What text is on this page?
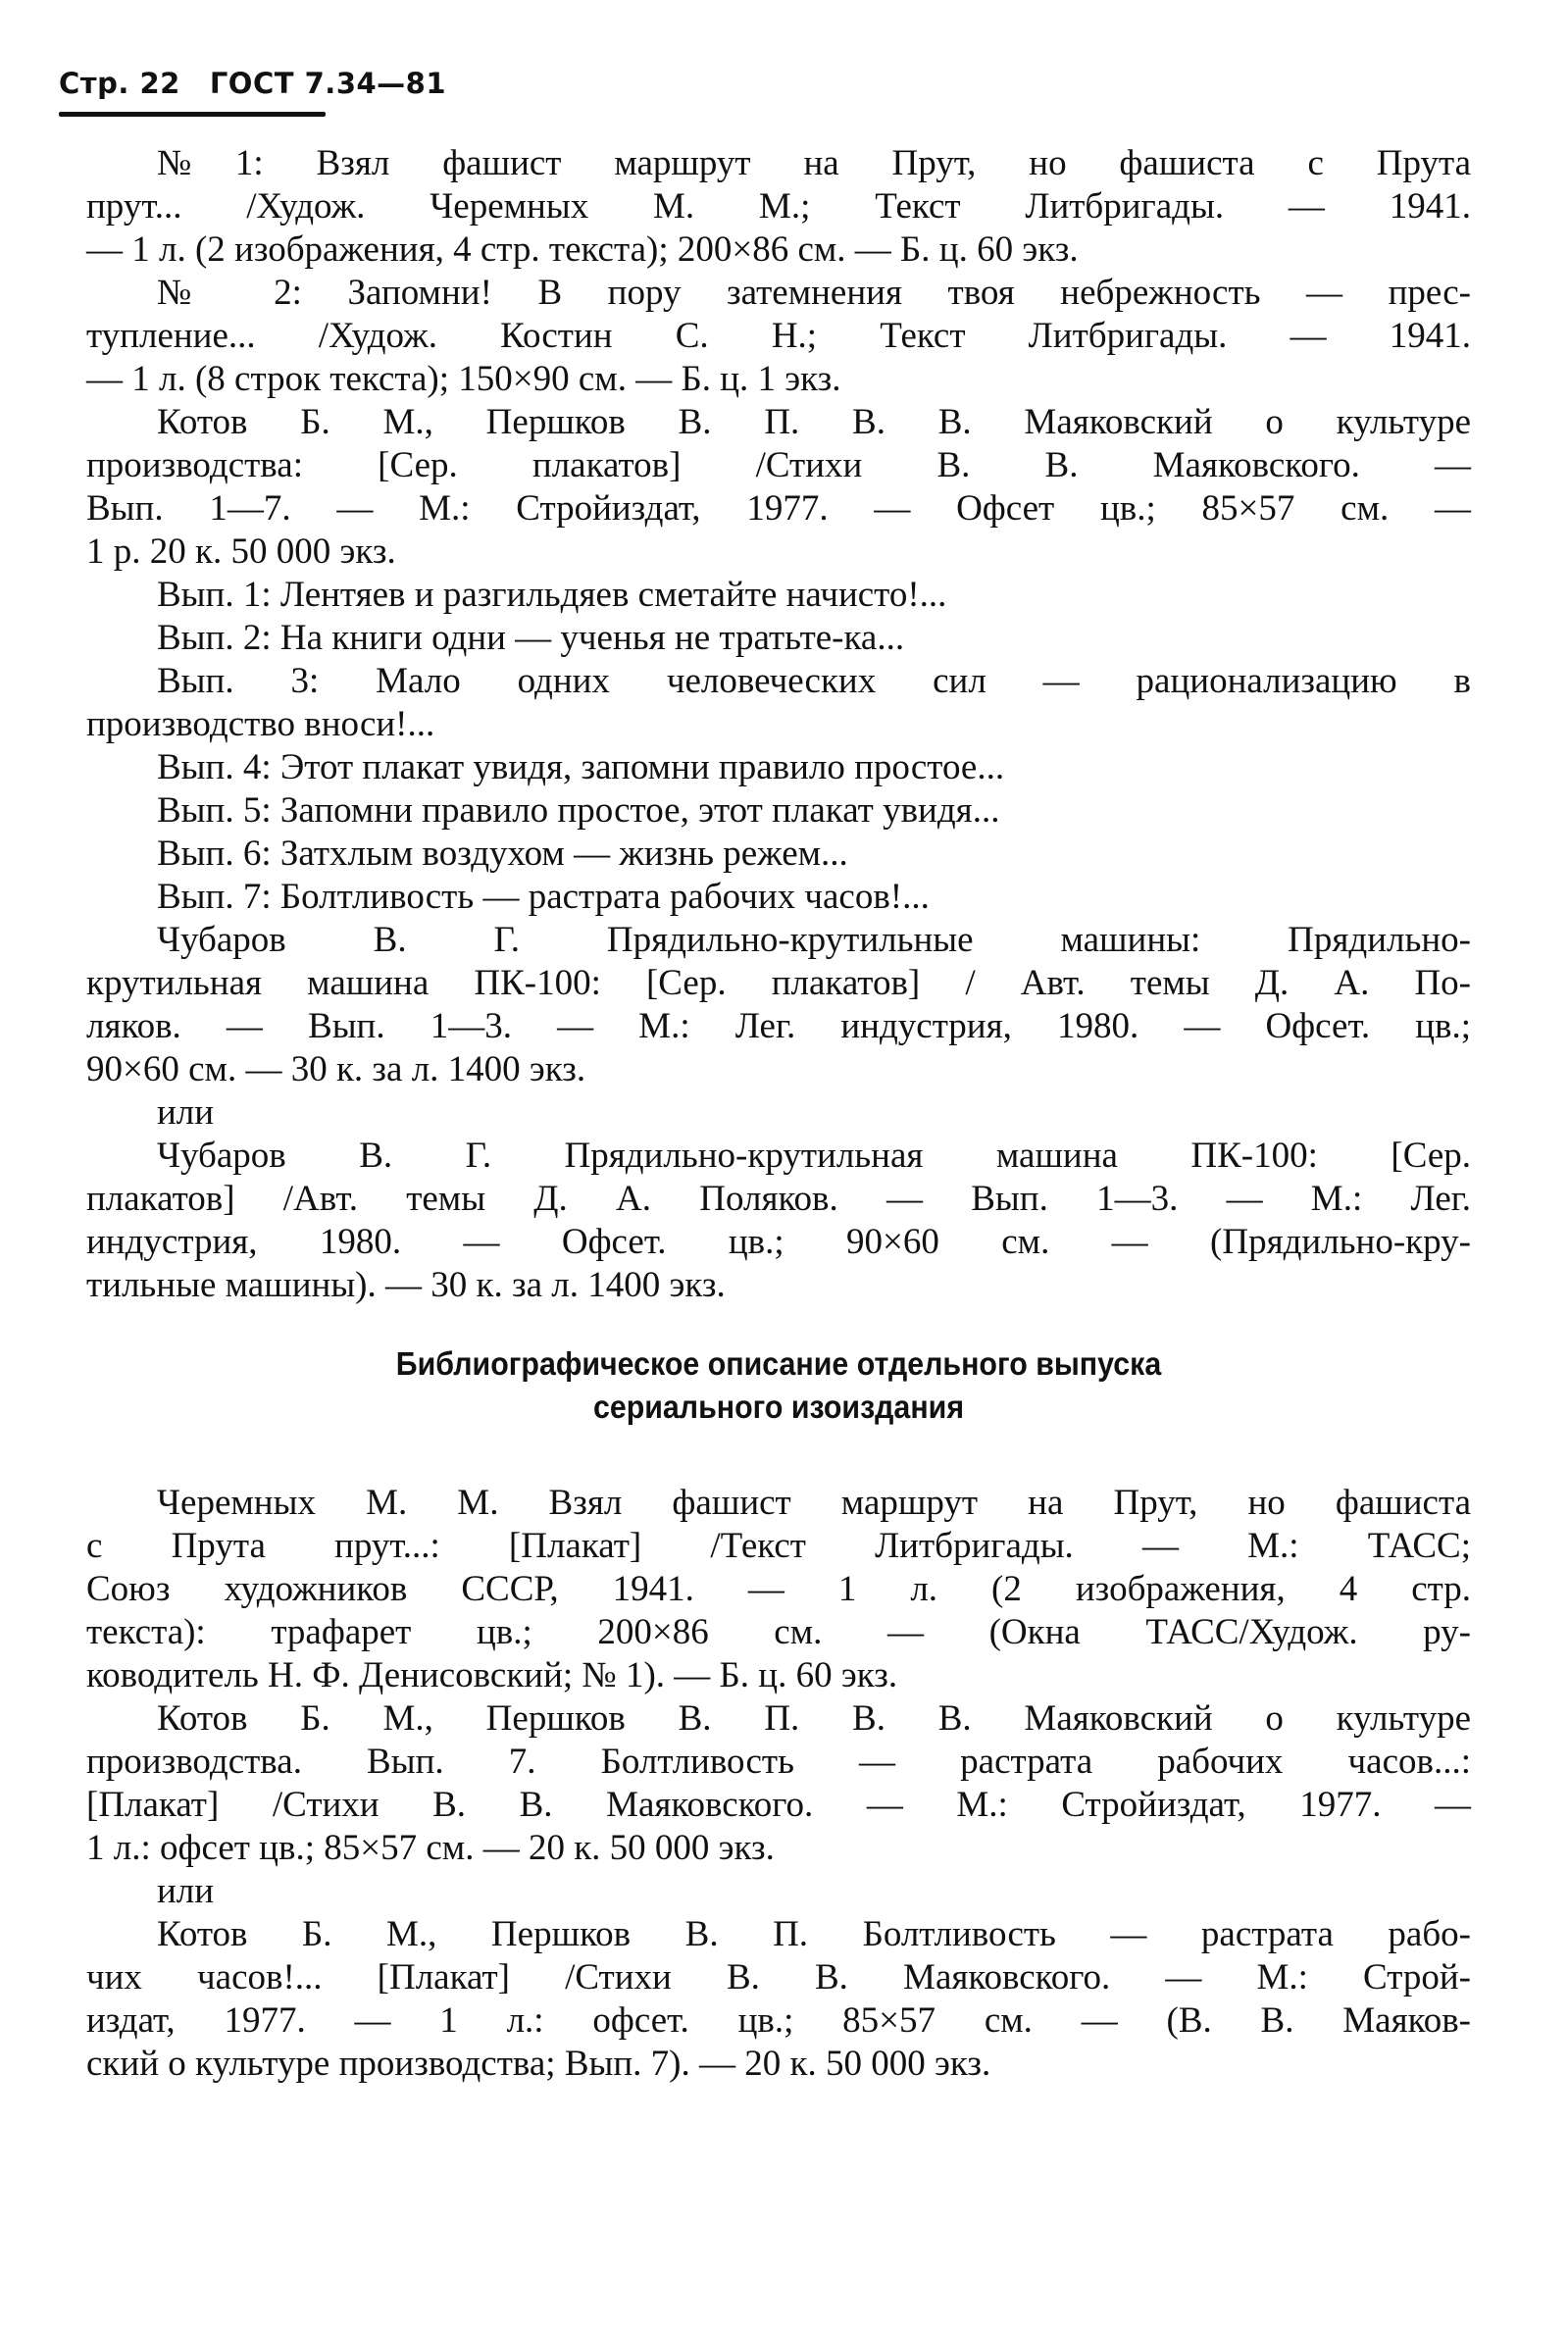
Стр. 22 ГОСТ 7.34—81
№1: Взял фашист маршрут на Прут, но фашиста с Прута
прут... /Худож. Черемных М. М.; Текст Литбригады. — 1941.
— 1 л. (2 изображения, 4 стр. текста); 200×86 см. — Б. ц. 60 экз.
№ 2: Запомни! В пору затемнения твоя небрежность — прес-
тупление... /Худож. Костин С. Н.; Текст Литбригады. — 1941.
— 1 л. (8 строк текста); 150×90 см. — Б. ц. 1 экз.
Котов Б. М., Першков В. П. В. В. Маяковский о культуре
производства: [Сер. плакатов] /Стихи В. В. Маяковского. —
Вып. 1—7. — М.: Стройиздат, 1977. — Офсет цв.; 85×57 см. —
1 р. 20 к. 50 000 экз.
Вып. 1: Лентяев и разгильдяев сметайте начисто!...
Вып. 2: На книги одни — ученья не тратьте-ка...
Вып. 3: Мало одних человеческих сил — рационализацию в
производство вноси!...
Вып. 4: Этот плакат увидя, запомни правило простое...
Вып. 5: Запомни правило простое, этот плакат увидя...
Вып. 6: Затхлым воздухом — жизнь режем...
Вып. 7: Болтливость — растрата рабочих часов!...
Чубаров В. Г. Прядильно-крутильные машины: Прядильно-
крутильная машина ПК-100: [Сер. плакатов] / Авт. темы Д. А. По-
ляков. — Вып. 1—3. — М.: Лег. индустрия, 1980. — Офсет. цв.;
90×60 см. — 30 к. за л. 1400 экз.
или
Чубаров В. Г. Прядильно-крутильная машина ПК-100: [Сер.
плакатов] /Авт. темы Д. А. Поляков. — Вып. 1—3. — М.: Лег.
индустрия, 1980. — Офсет. цв.; 90×60 см. — (Прядильно-кру-
тильные машины). — 30 к. за л. 1400 экз.
Библиографическое описание отдельного выпуска
сериального изоиздания
Черемных М. М. Взял фашист маршрут на Прут, но фашиста
с Прута прут...: [Плакат] /Текст Литбригады. — М.: ТАСС;
Союз художников СССР, 1941. — 1 л. (2 изображения, 4 стр.
текста): трафарет цв.; 200×86 см. — (Окна ТАСС/Худож. ру-
ководитель Н. Ф. Денисовский; № 1). — Б. ц. 60 экз.
Котов Б. М., Першков В. П. В. В. Маяковский о культуре
производства. Вып. 7. Болтливость — растрата рабочих часов...:
[Плакат] /Стихи В. В. Маяковского. — М.: Стройиздат, 1977. —
1 л.: офсет цв.; 85×57 см. — 20 к. 50 000 экз.
или
Котов Б. М., Першков В. П. Болтливость — растрата рабо-
чих часов!... [Плакат] /Стихи В. В. Маяковского. — М.: Строй-
издат, 1977. — 1 л.: офсет. цв.; 85×57 см. — (В. В. Маяков-
ский о культуре производства; Вып. 7). — 20 к. 50 000 экз.
